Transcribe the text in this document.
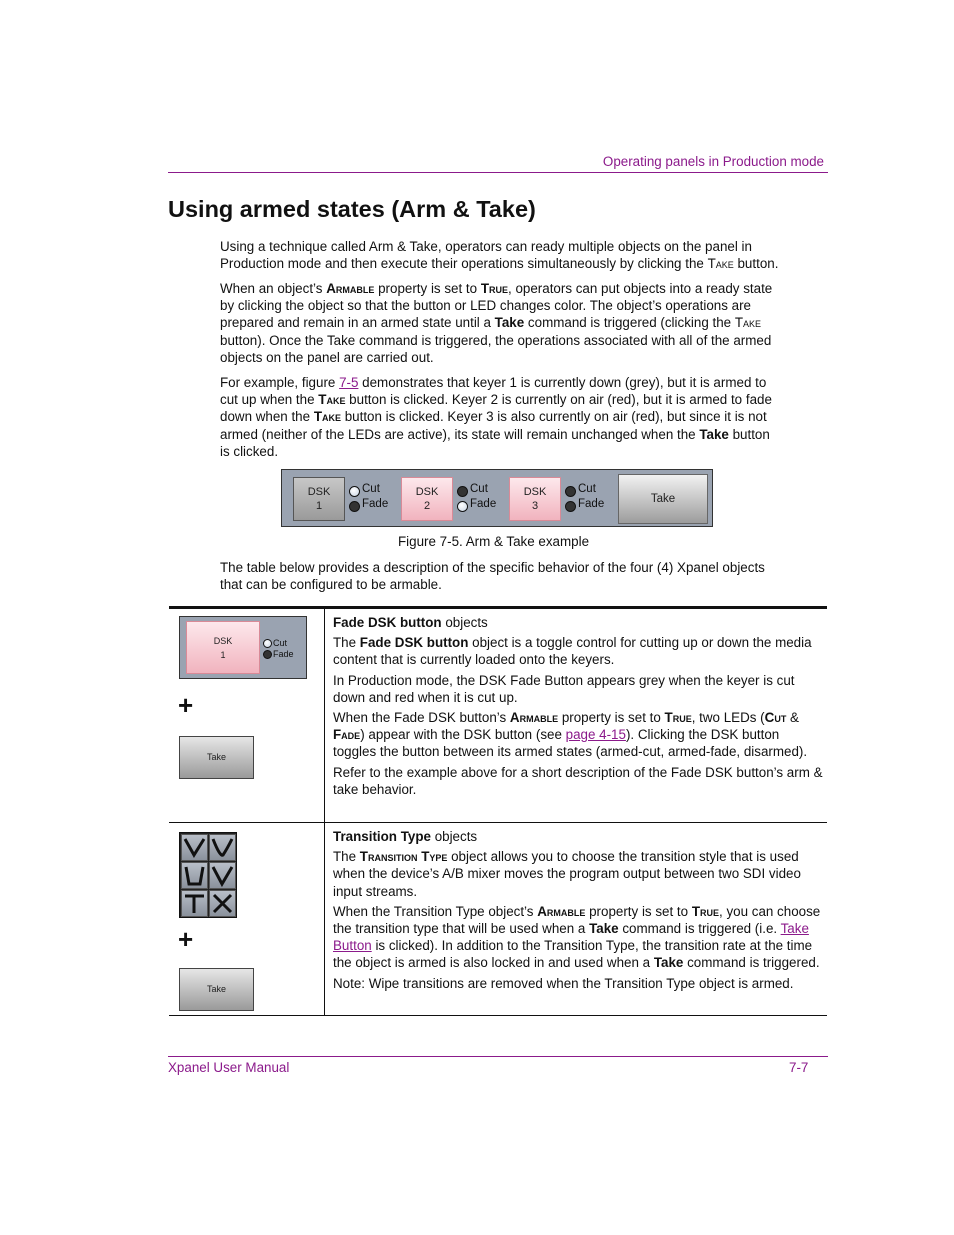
Operating panels in Production mode
Using armed states (Arm & Take)

Using a technique called Arm & Take, operators can ready multiple objects on the panel in Production mode and then execute their operations simultaneously by clicking the Take button.

When an object’s Armable property is set to True, operators can put objects into a ready state by clicking the object so that the button or LED changes color. The object’s operations are prepared and remain in an armed state until a Take command is triggered (clicking the Take button). Once the Take command is triggered, the operations associated with all of the armed objects on the panel are carried out.

For example, figure 7-5 demonstrates that keyer 1 is currently down (grey), but it is armed to cut up when the Take button is clicked. Keyer 2 is currently on air (red), but it is armed to fade down when the Take button is clicked. Keyer 3 is also currently on air (red), but since it is not armed (neither of the LEDs are active), its state will remain unchanged when the Take button is clicked.

DSK
1
Cut
Fade
DSK
2
Cut
Fade
DSK
3
Cut
Fade	Take
Figure 7-5. Arm & Take example

The table below provides a description of the specific behavior of the four (4) Xpanel objects that can be configured to be armable.

DSK
1
Cut
Fade
+
Take

Fade DSK button objects

The Fade DSK button object is a toggle control for cutting up or down the media content that is currently loaded onto the keyers.

In Production mode, the DSK Fade Button appears grey when the keyer is cut down and red when it is cut up.

When the Fade DSK button’s Armable property is set to True, two LEDs (Cut & Fade) appear with the DSK button (see page 4-15). Clicking the DSK button toggles the button between its armed states (armed-cut, armed-fade, disarmed).

Refer to the example above for a short description of the Fade DSK button’s arm & take behavior.

+
Take

Transition Type objects

The Transition Type object allows you to choose the transition style that is used when the device’s A/B mixer moves the program output between two SDI video input streams.

When the Transition Type object’s Armable property is set to True, you can choose the transition type that will be used when a Take command is triggered (i.e. Take Button is clicked). In addition to the Transition Type, the transition rate at the time the object is armed is also locked in and used when a Take command is triggered.

Note: Wipe transitions are removed when the Transition Type object is armed.

Xpanel User Manual	7-7
